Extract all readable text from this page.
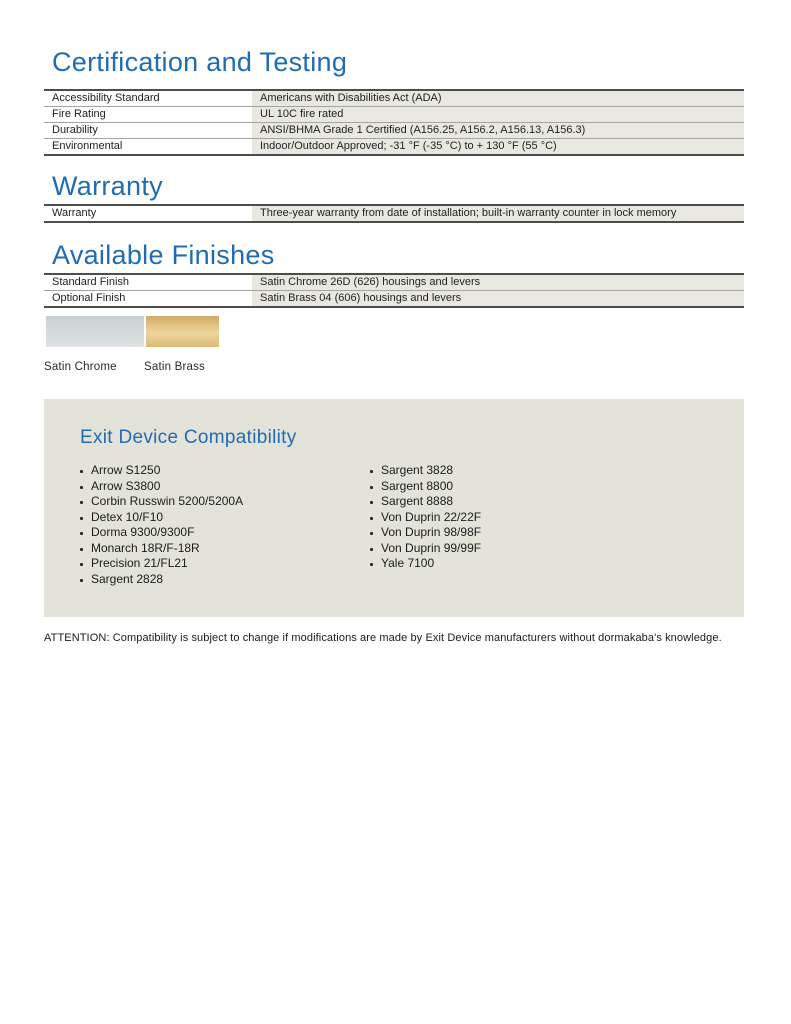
Certification and Testing
Accessibility Standard	Americans with Disabilities Act (ADA)
Fire Rating	UL 10C fire rated
Durability	ANSI/BHMA Grade 1 Certified (A156.25, A156.2, A156.13, A156.3)
Environmental	Indoor/Outdoor Approved; -31 °F (-35 °C) to + 130 °F (55 °C)
Warranty
Warranty	Three-year warranty from date of installation; built-in warranty counter in lock memory
Available Finishes
Standard Finish	Satin Chrome 26D (626) housings and levers
Optional Finish	Satin Brass 04 (606) housings and levers
Satin Chrome	Satin Brass
Exit Device Compatibility
Arrow S1250
Arrow S3800
Corbin Russwin 5200/5200A
Detex 10/F10
Dorma 9300/9300F
Monarch 18R/F-18R
Precision 21/FL21
Sargent 2828
Sargent 3828
Sargent 8800
Sargent 8888
Von Duprin 22/22F
Von Duprin 98/98F
Von Duprin 99/99F
Yale 7100
ATTENTION: Compatibility is subject to change if modifications are made by Exit Device manufacturers without dormakaba's knowledge.
